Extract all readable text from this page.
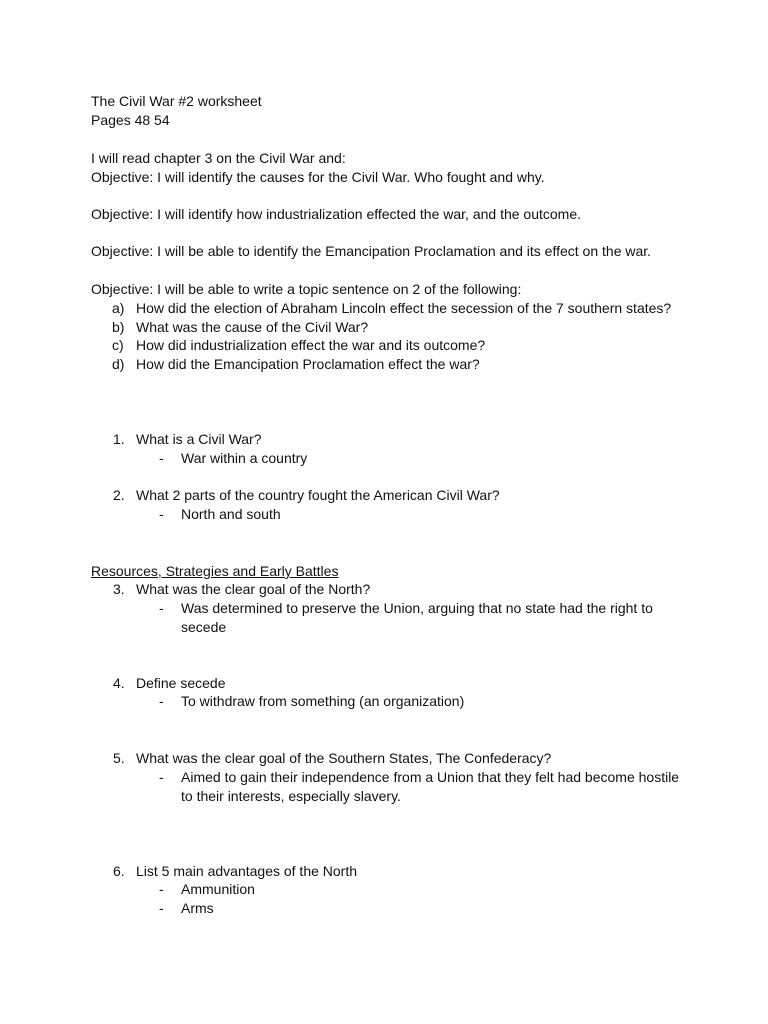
The Civil War #2 worksheet
Pages 48 54
I will read chapter 3 on the Civil War and:
Objective: I will identify the causes for the Civil War. Who fought and why.
Objective: I will identify how industrialization effected the war, and the outcome.
Objective: I will be able to identify the Emancipation Proclamation and its effect on the war.
Objective: I will be able to write a topic sentence on 2 of the following:
a) How did the election of Abraham Lincoln effect the secession of the 7 southern states?
b) What was the cause of the Civil War?
c) How did industrialization effect the war and its outcome?
d) How did the Emancipation Proclamation effect the war?
1. What is a Civil War?
- War within a country
2. What 2 parts of the country fought the American Civil War?
- North and south
Resources, Strategies and Early Battles
3. What was the clear goal of the North?
- Was determined to preserve the Union, arguing that no state had the right to
secede
4. Define secede
- To withdraw from something (an organization)
5. What was the clear goal of the Southern States, The Confederacy?
- Aimed to gain their independence from a Union that they felt had become hostile
to their interests, especially slavery.
6. List 5 main advantages of the North
- Ammunition
- Arms
